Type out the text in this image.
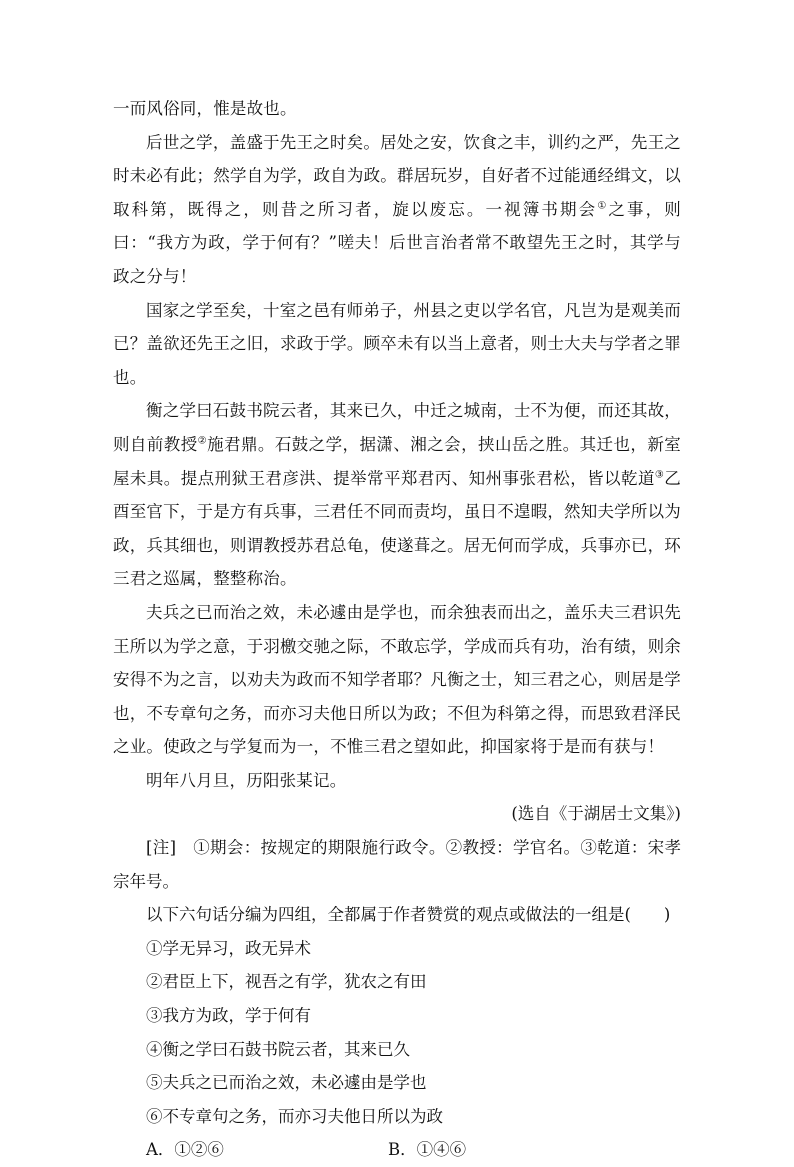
一而风俗同，惟是故也。

后世之学，盖盛于先王之时矣。居处之安，饮食之丰，训约之严，先王之时未必有此；然学自为学，政自为政。群居玩岁，自好者不过能通经缉文，以取科第，既得之，则昔之所习者，旋以废忘。一视簿书期会①之事，则曰：“我方为政，学于何有？”嗟夫！后世言治者常不敢望先王之时，其学与政之分与！

国家之学至矣，十室之邑有师弟子，州县之吏以学名官，凡岂为是观美而已？盖欲还先王之旧，求政于学。顾卒未有以当上意者，则士大夫与学者之罪也。

衡之学曰石鼓书院云者，其来已久，中迁之城南，士不为便，而还其故，则自前教授②施君鼎。石鼓之学，据潇、湘之会，挟山岳之胜。其迁也，新室屋未具。提点刑狱王君彦洪、提举常平郑君丙、知州事张君松，皆以乾道③乙酉至官下，于是方有兵事，三君任不同而责均，虽日不遑暇，然知夫学所以为政，兵其细也，则谓教授苏君总龟，使遂葺之。居无何而学成，兵事亦已，环三君之巡属，整整称治。

夫兵之已而治之效，未必遽由是学也，而余独表而出之，盖乐夫三君识先王所以为学之意，于羽檄交驰之际，不敢忘学，学成而兵有功，治有绩，则余安得不为之言，以劝夫为政而不知学者耶？凡衡之士，知三君之心，则居是学也，不专章句之务，而亦习夫他日所以为政；不但为科第之得，而思致君泽民之业。使政之与学复而为一，不惟三君之望如此，抑国家将于是而有获与！

明年八月旦，历阳张某记。

(选自《于湖居士文集》)

[注]　①期会：按规定的期限施行政令。②教授：学官名。③乾道：宋孝宗年号。

以下六句话分编为四组，全都属于作者赞赏的观点或做法的一组是(　　)

①学无异习，政无异术

②君臣上下，视吾之有学，犹农之有田

③我方为政，学于何有

④衡之学曰石鼓书院云者，其来已久

⑤夫兵之已而治之效，未必遽由是学也

⑥不专章句之务，而亦习夫他日所以为政

A．①②⑥	B．①④⑥
